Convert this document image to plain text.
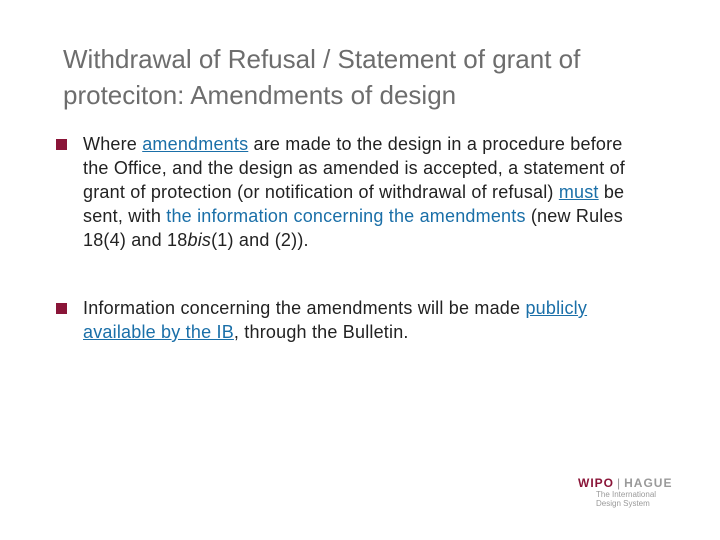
Withdrawal of Refusal / Statement of grant of
proteciton: Amendments of design
Where amendments are made to the design in a procedure before the Office, and the design as amended is accepted, a statement of grant of protection (or notification of withdrawal of refusal) must be sent, with the information concerning the amendments (new Rules 18(4) and 18bis(1) and (2)).
Information concerning the amendments will be made publicly available by the IB, through the Bulletin.
WIPO | HAGUE
The International
Design System
